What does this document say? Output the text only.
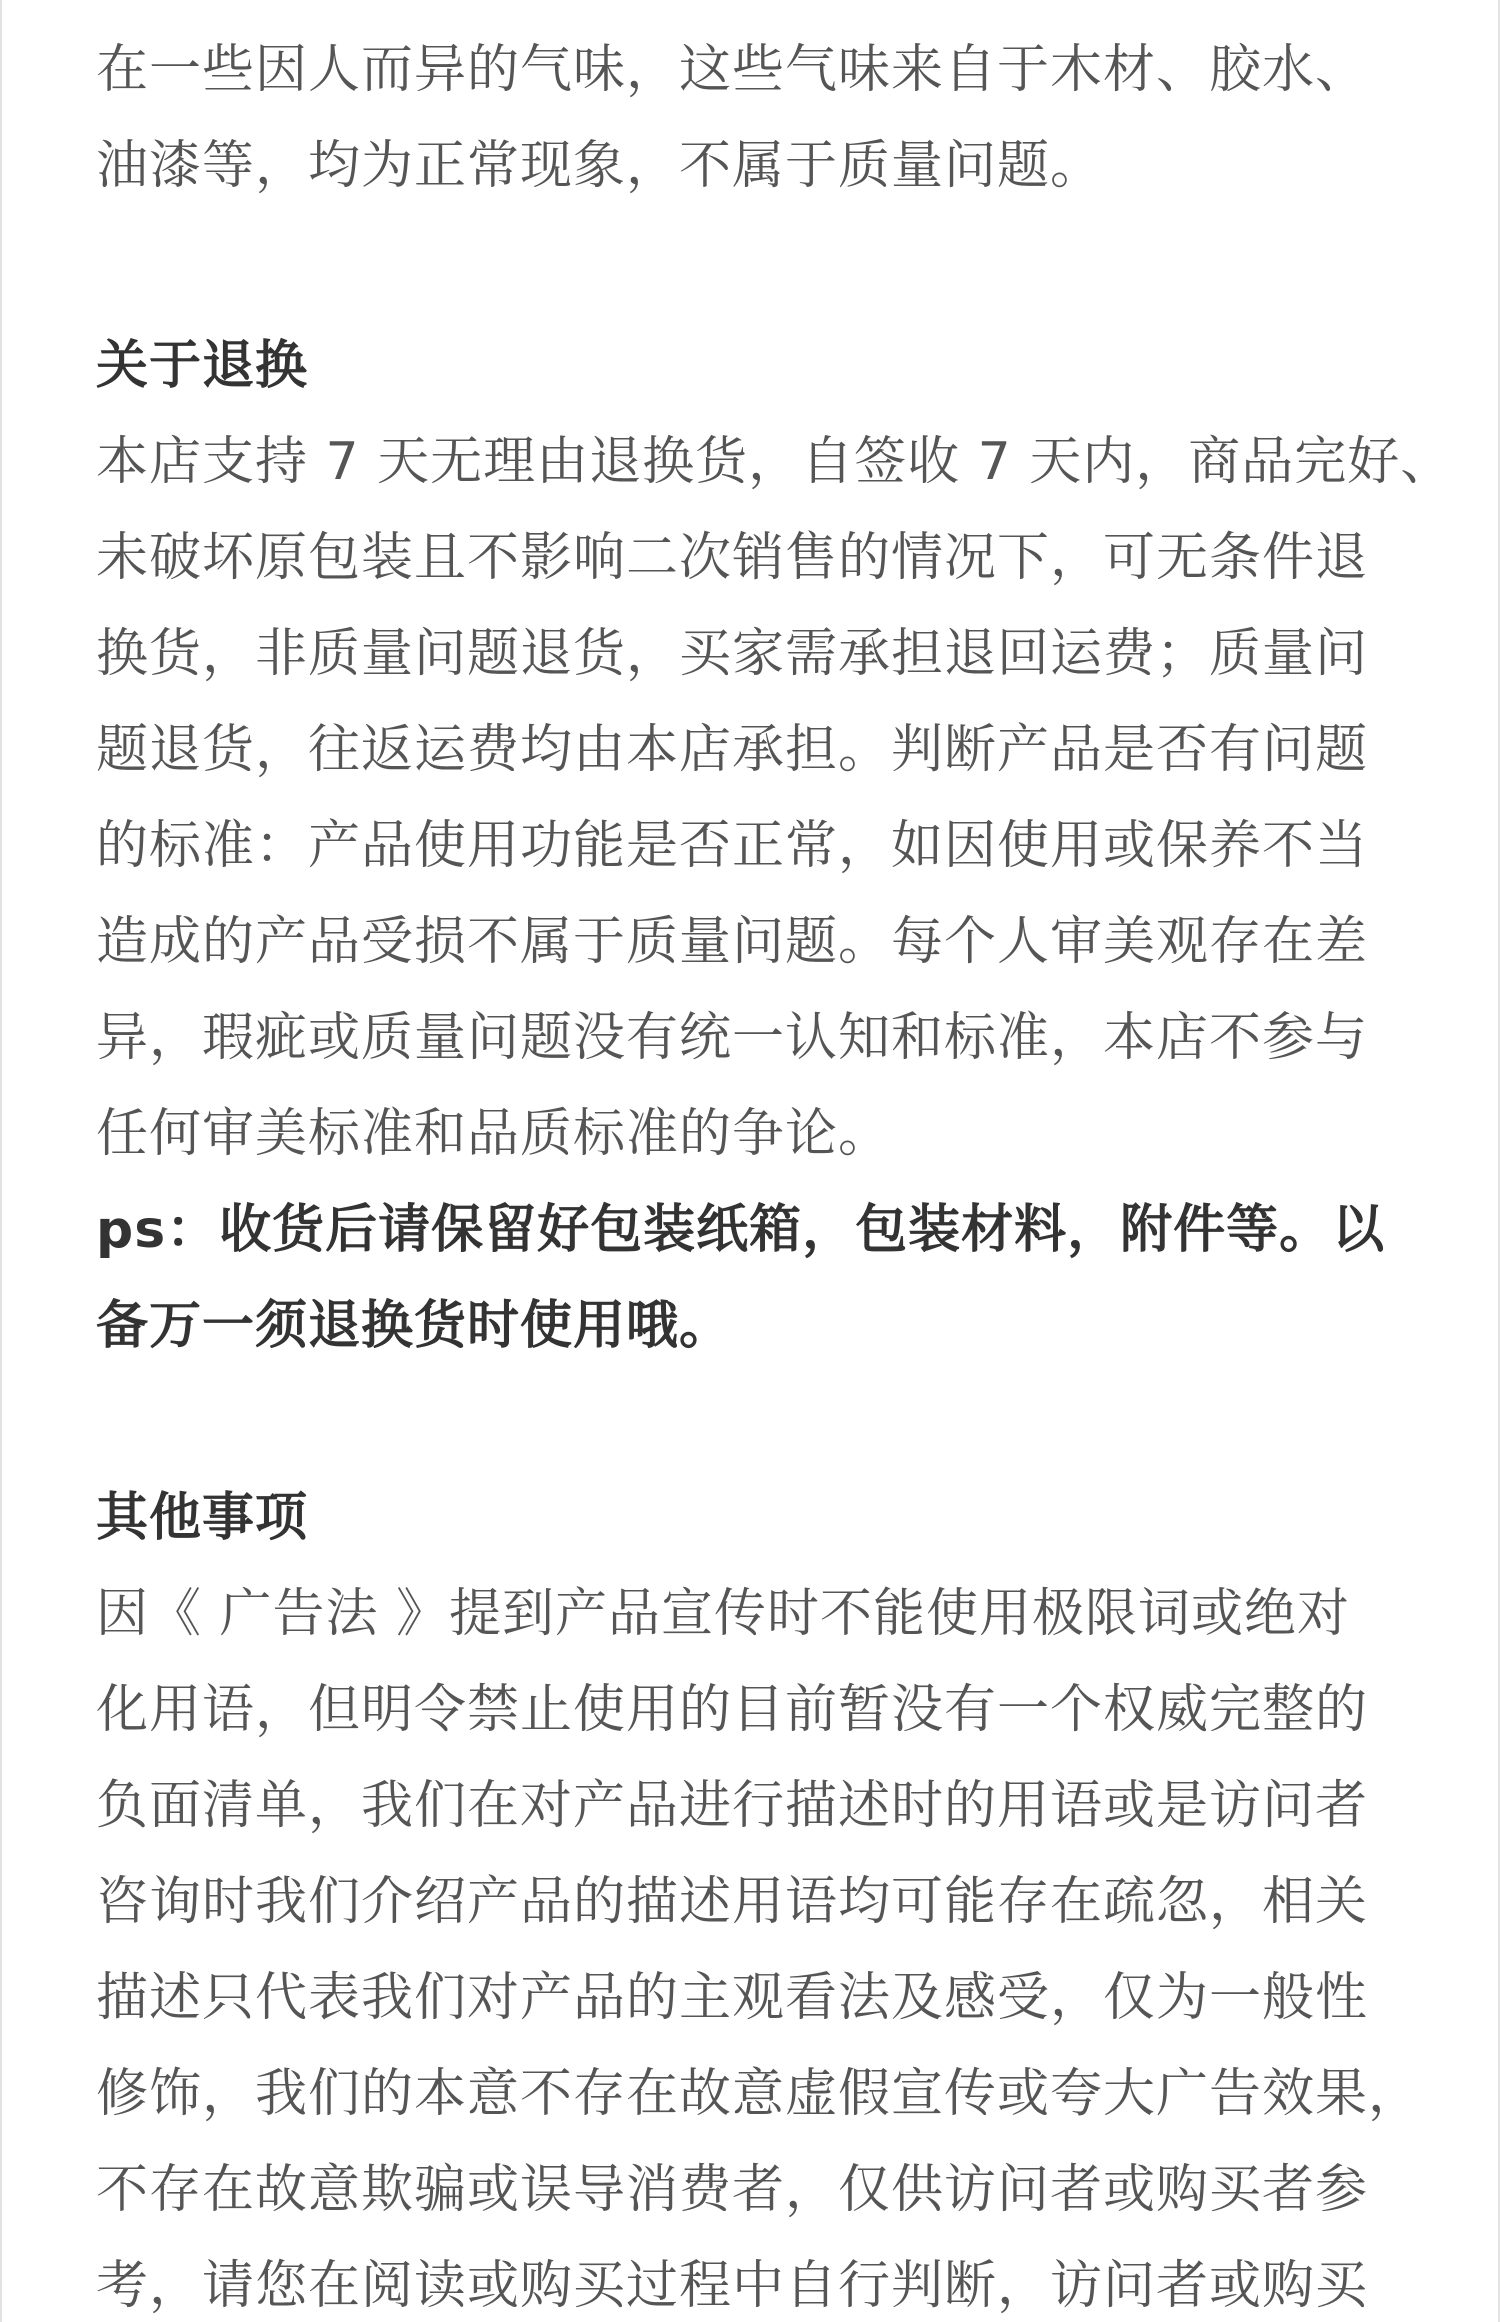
在一些因人而异的气味，这些气味来自于木材、胶水、
油漆等，均为正常现象，不属于质量问题。
关于退换
本店支持 7 天无理由退换货，自签收 7 天内，商品完好、
未破坏原包装且不影响二次销售的情况下，可无条件退
换货，非质量问题退货，买家需承担退回运费；质量问
题退货，往返运费均由本店承担。判断产品是否有问题
的标准：产品使用功能是否正常，如因使用或保养不当
造成的产品受损不属于质量问题。每个人审美观存在差
异，瑕疵或质量问题没有统一认知和标准，本店不参与
任何审美标准和品质标准的争论。
ps：收货后请保留好包装纸箱，包装材料，附件等。以
备万一须退换货时使用哦。
其他事项
因《 广告法 》提到产品宣传时不能使用极限词或绝对
化用语，但明令禁止使用的目前暂没有一个权威完整的
负面清单，我们在对产品进行描述时的用语或是访问者
咨询时我们介绍产品的描述用语均可能存在疏忽，相关
描述只代表我们对产品的主观看法及感受，仅为一般性
修饰，我们的本意不存在故意虚假宣传或夸大广告效果，
不存在故意欺骗或误导消费者，仅供访问者或购买者参
考，请您在阅读或购买过程中自行判断，访问者或购买
